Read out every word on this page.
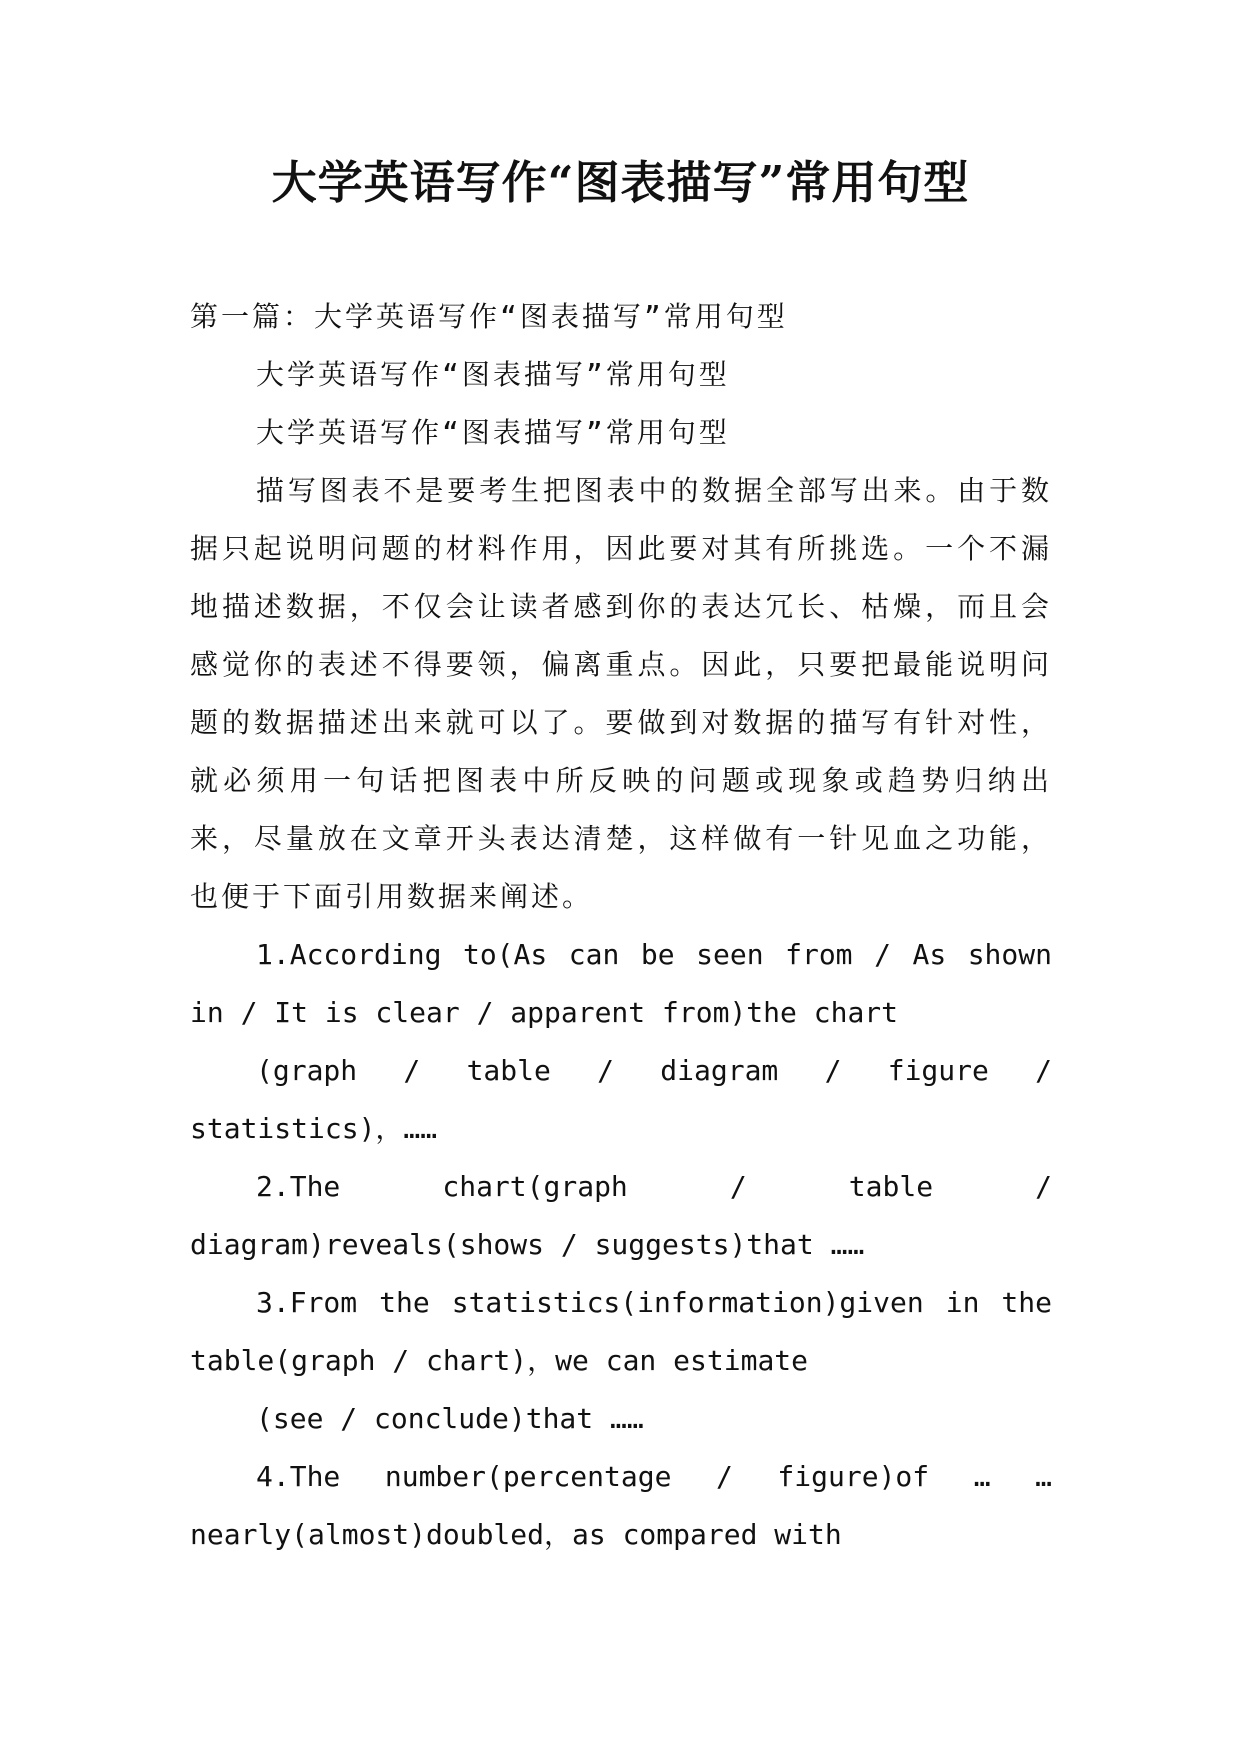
大学英语写作“图表描写”常用句型

第一篇：大学英语写作“图表描写”常用句型

大学英语写作“图表描写”常用句型

大学英语写作“图表描写”常用句型

描写图表不是要考生把图表中的数据全部写出来。由于数据只起说明问题的材料作用，因此要对其有所挑选。一个不漏地描述数据，不仅会让读者感到你的表达冗长、枯燥，而且会感觉你的表述不得要领，偏离重点。因此，只要把最能说明问题的数据描述出来就可以了。要做到对数据的描写有针对性，就必须用一句话把图表中所反映的问题或现象或趋势归纳出来，尽量放在文章开头表达清楚，这样做有一针见血之功能，也便于下面引用数据来阐述。

1.According to(As can be seen from / As shown in / It is clear / apparent from)the chart

(graph / table / diagram / figure / statistics)，……

2.The chart(graph / table / diagram)reveals(shows / suggests)that ……

3.From the statistics(information)given in the table(graph / chart)，we can estimate

(see / conclude)that ……

4.The number(percentage / figure)of … … nearly(almost)doubled，as compared with
